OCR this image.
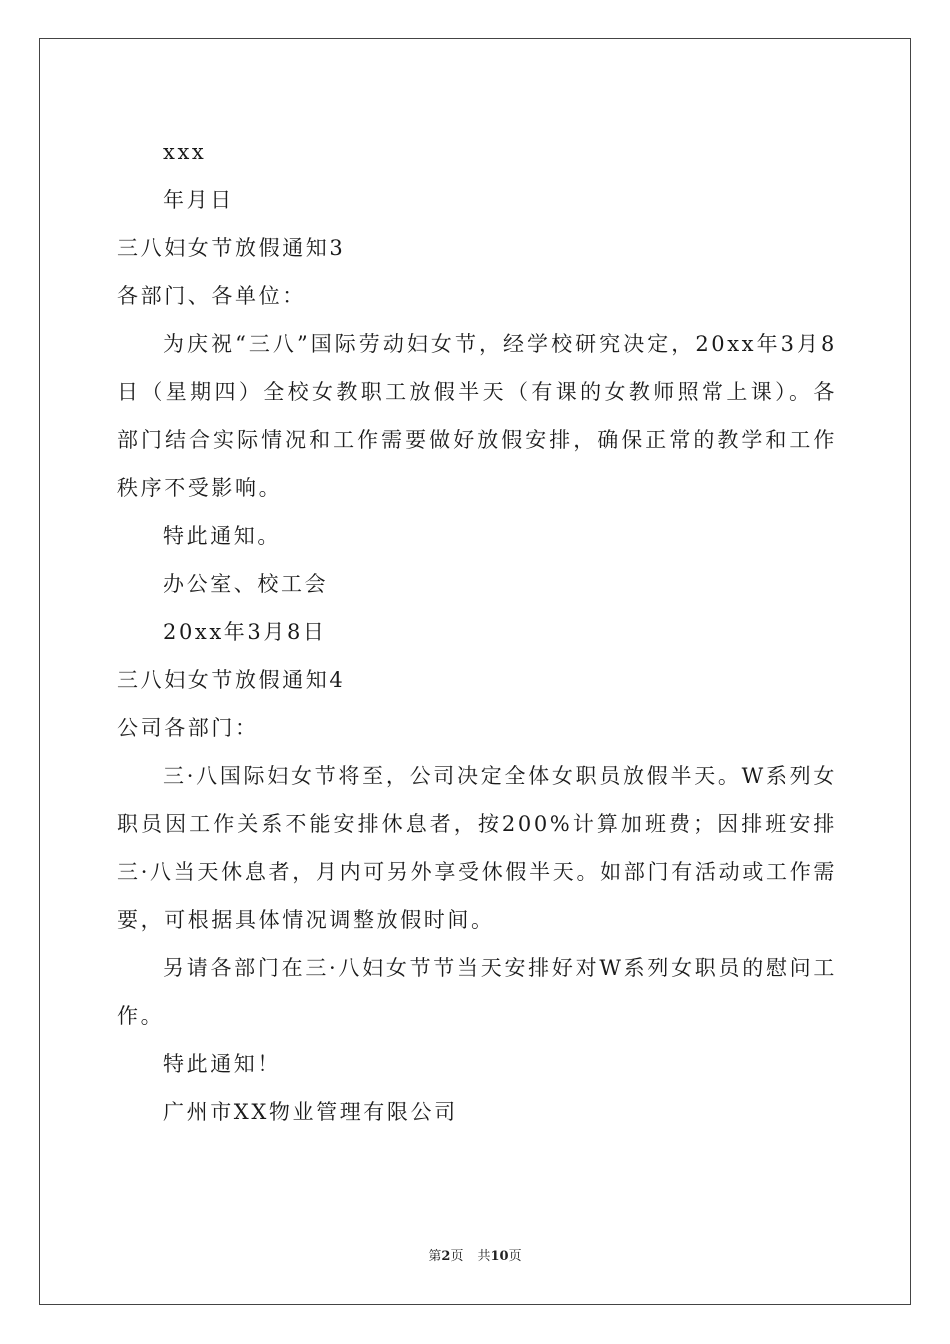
xxx
年月日
三八妇女节放假通知3
各部门、各单位：

为庆祝“三八”国际劳动妇女节，经学校研究决定，20xx年3月8日（星期四）全校女教职工放假半天（有课的女教师照常上课）。各部门结合实际情况和工作需要做好放假安排，确保正常的教学和工作秩序不受影响。

特此通知。
办公室、校工会
20xx年3月8日
三八妇女节放假通知4
公司各部门：

三·八国际妇女节将至，公司决定全体女职员放假半天。W系列女职员因工作关系不能安排休息者，按200%计算加班费；因排班安排三·八当天休息者，月内可另外享受休假半天。如部门有活动或工作需要，可根据具体情况调整放假时间。

另请各部门在三·八妇女节节当天安排好对W系列女职员的慰问工作。

特此通知！
广州市XX物业管理有限公司
第2页 共10页
